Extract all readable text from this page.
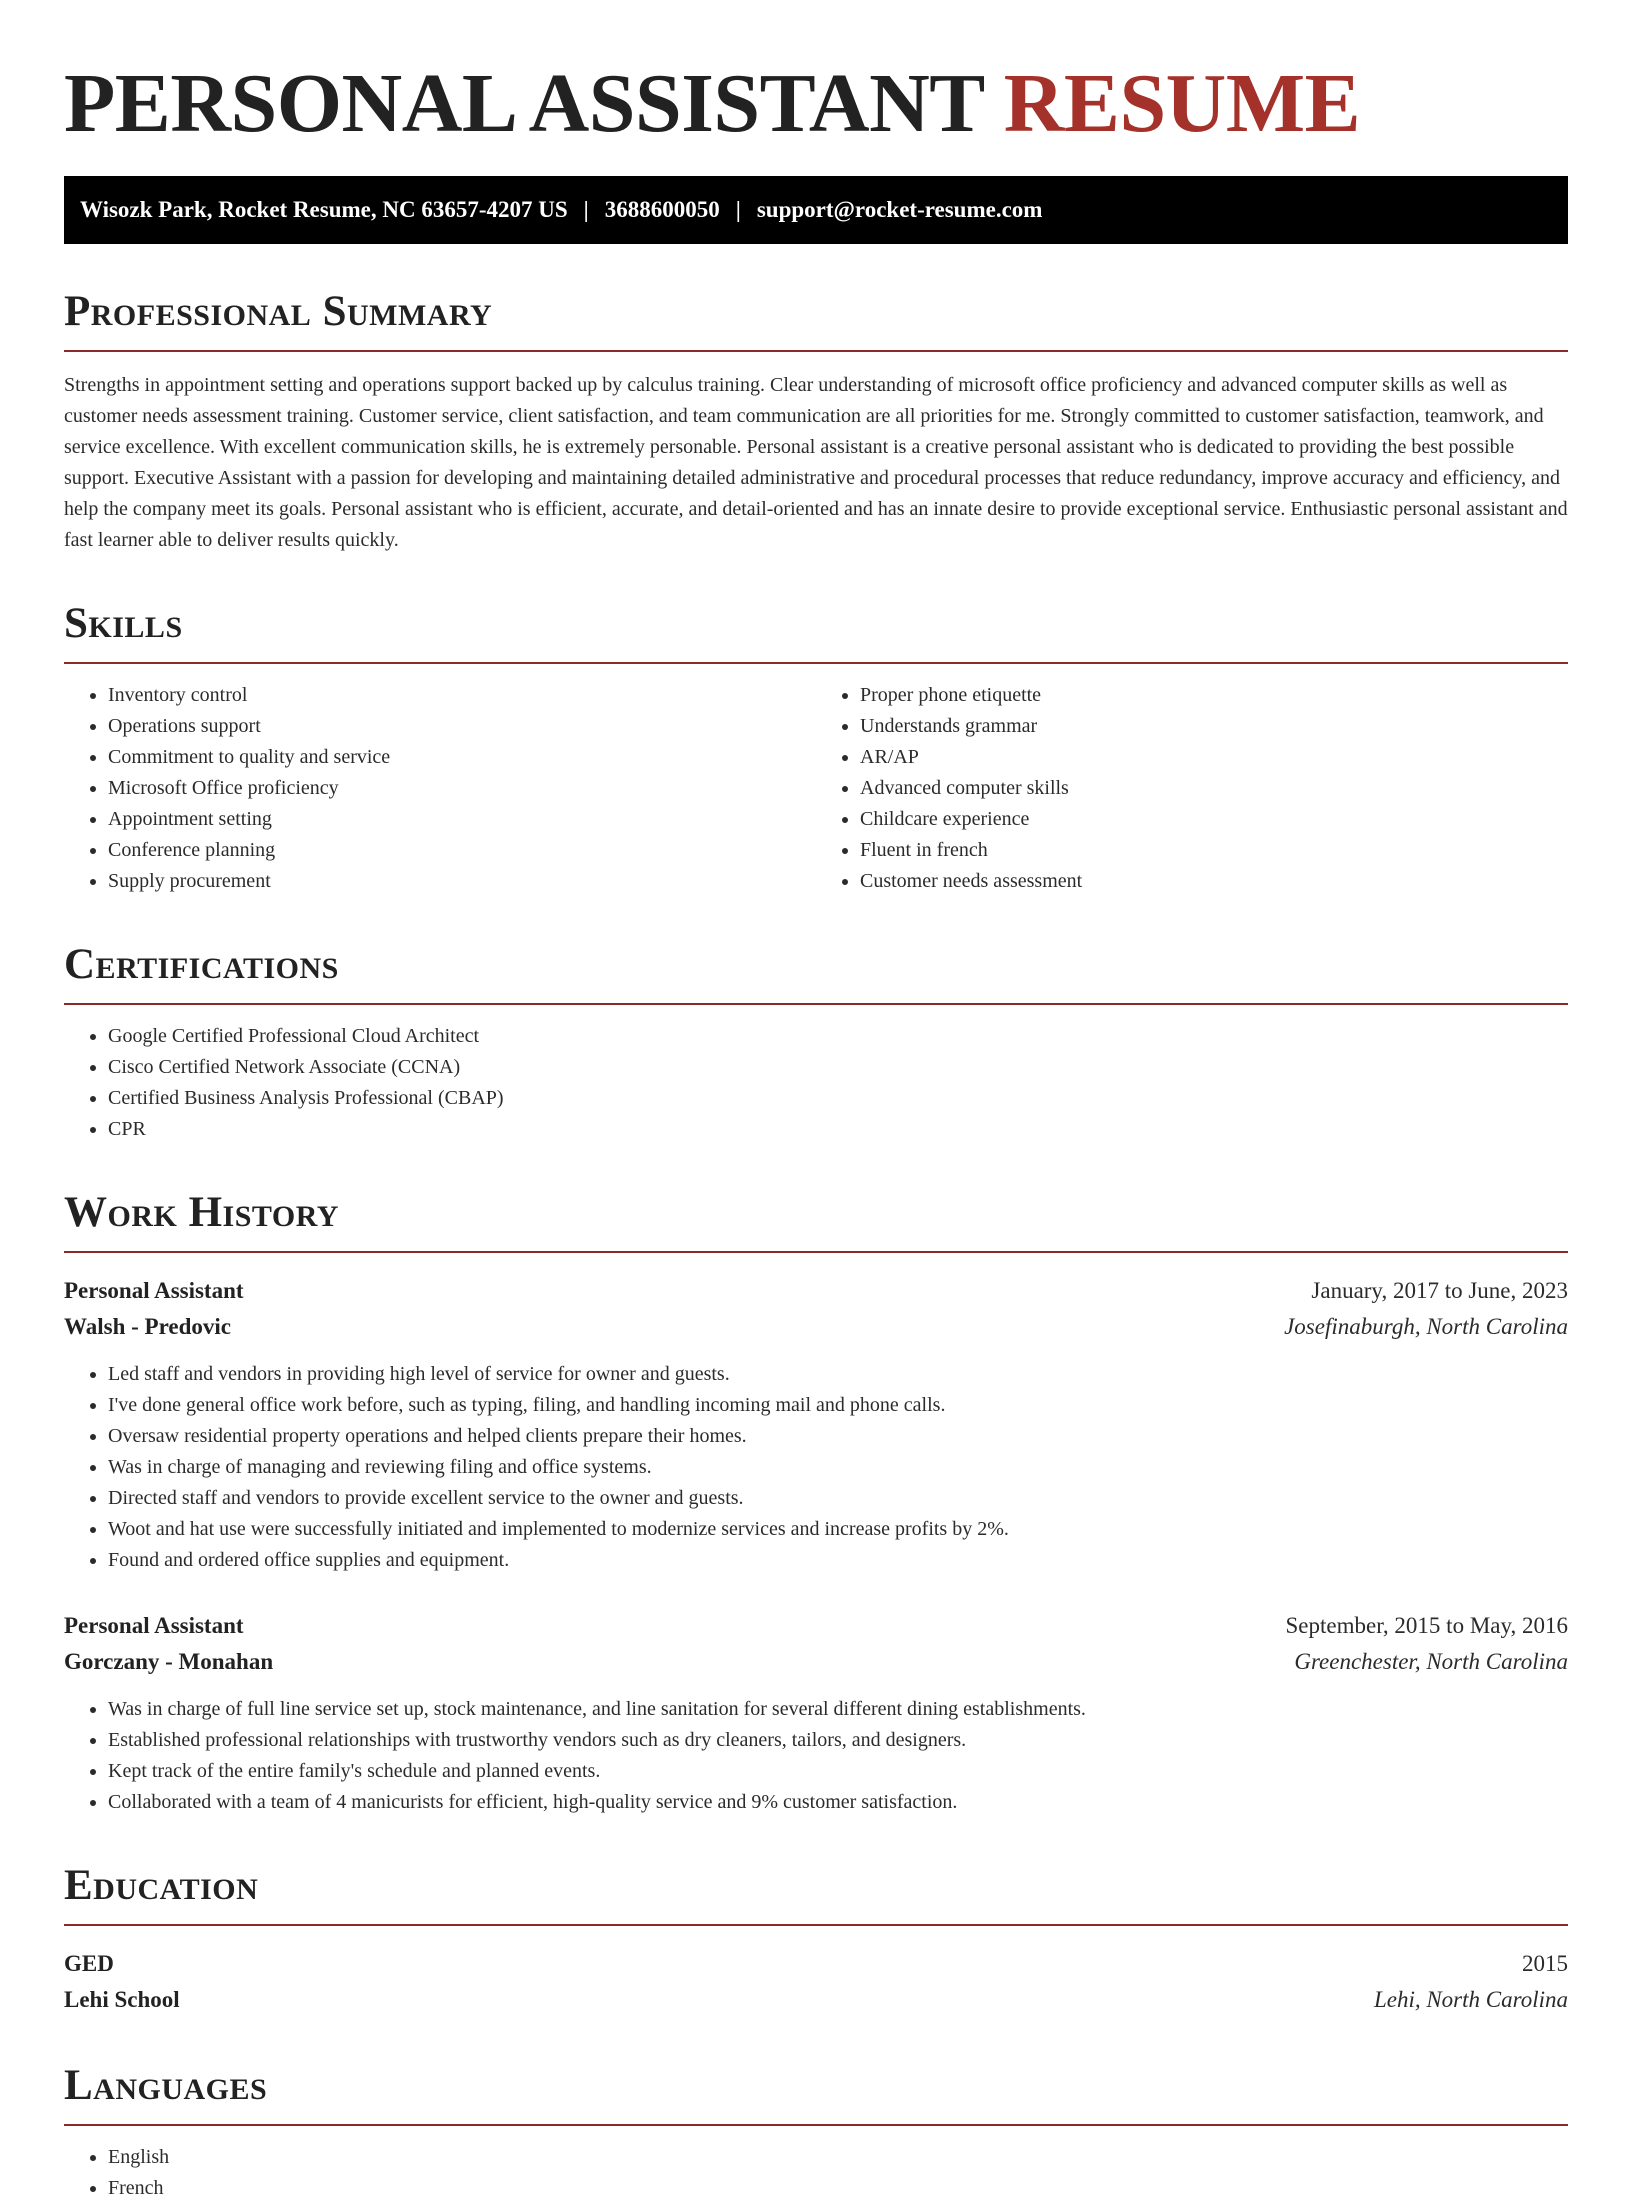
PERSONAL ASSISTANT RESUME
Wisozk Park, Rocket Resume, NC 63657-4207 US | 3688600050 | support@rocket-resume.com
Professional Summary

Strengths in appointment setting and operations support backed up by calculus training. Clear understanding of microsoft office proficiency and advanced computer skills as well as customer needs assessment training. Customer service, client satisfaction, and team communication are all priorities for me. Strongly committed to customer satisfaction, teamwork, and service excellence. With excellent communication skills, he is extremely personable. Personal assistant is a creative personal assistant who is dedicated to providing the best possible support. Executive Assistant with a passion for developing and maintaining detailed administrative and procedural processes that reduce redundancy, improve accuracy and efficiency, and help the company meet its goals. Personal assistant who is efficient, accurate, and detail-oriented and has an innate desire to provide exceptional service. Enthusiastic personal assistant and fast learner able to deliver results quickly.

Skills
• Inventory control
• Operations support
• Commitment to quality and service
• Microsoft Office proficiency
• Appointment setting
• Conference planning
• Supply procurement
• Proper phone etiquette
• Understands grammar
• AR/AP
• Advanced computer skills
• Childcare experience
• Fluent in french
• Customer needs assessment
Certifications
• Google Certified Professional Cloud Architect
• Cisco Certified Network Associate (CCNA)
• Certified Business Analysis Professional (CBAP)
• CPR
Work History
Personal Assistant	January, 2017 to June, 2023
Walsh - Predovic	Josefinaburgh, North Carolina
• Led staff and vendors in providing high level of service for owner and guests.
• I've done general office work before, such as typing, filing, and handling incoming mail and phone calls.
• Oversaw residential property operations and helped clients prepare their homes.
• Was in charge of managing and reviewing filing and office systems.
• Directed staff and vendors to provide excellent service to the owner and guests.
• Woot and hat use were successfully initiated and implemented to modernize services and increase profits by 2%.
• Found and ordered office supplies and equipment.
Personal Assistant	September, 2015 to May, 2016
Gorczany - Monahan	Greenchester, North Carolina
• Was in charge of full line service set up, stock maintenance, and line sanitation for several different dining establishments.
• Established professional relationships with trustworthy vendors such as dry cleaners, tailors, and designers.
• Kept track of the entire family's schedule and planned events.
• Collaborated with a team of 4 manicurists for efficient, high-quality service and 9% customer satisfaction.
Education
GED	2015
Lehi School	Lehi, North Carolina
Languages
• English
• French
